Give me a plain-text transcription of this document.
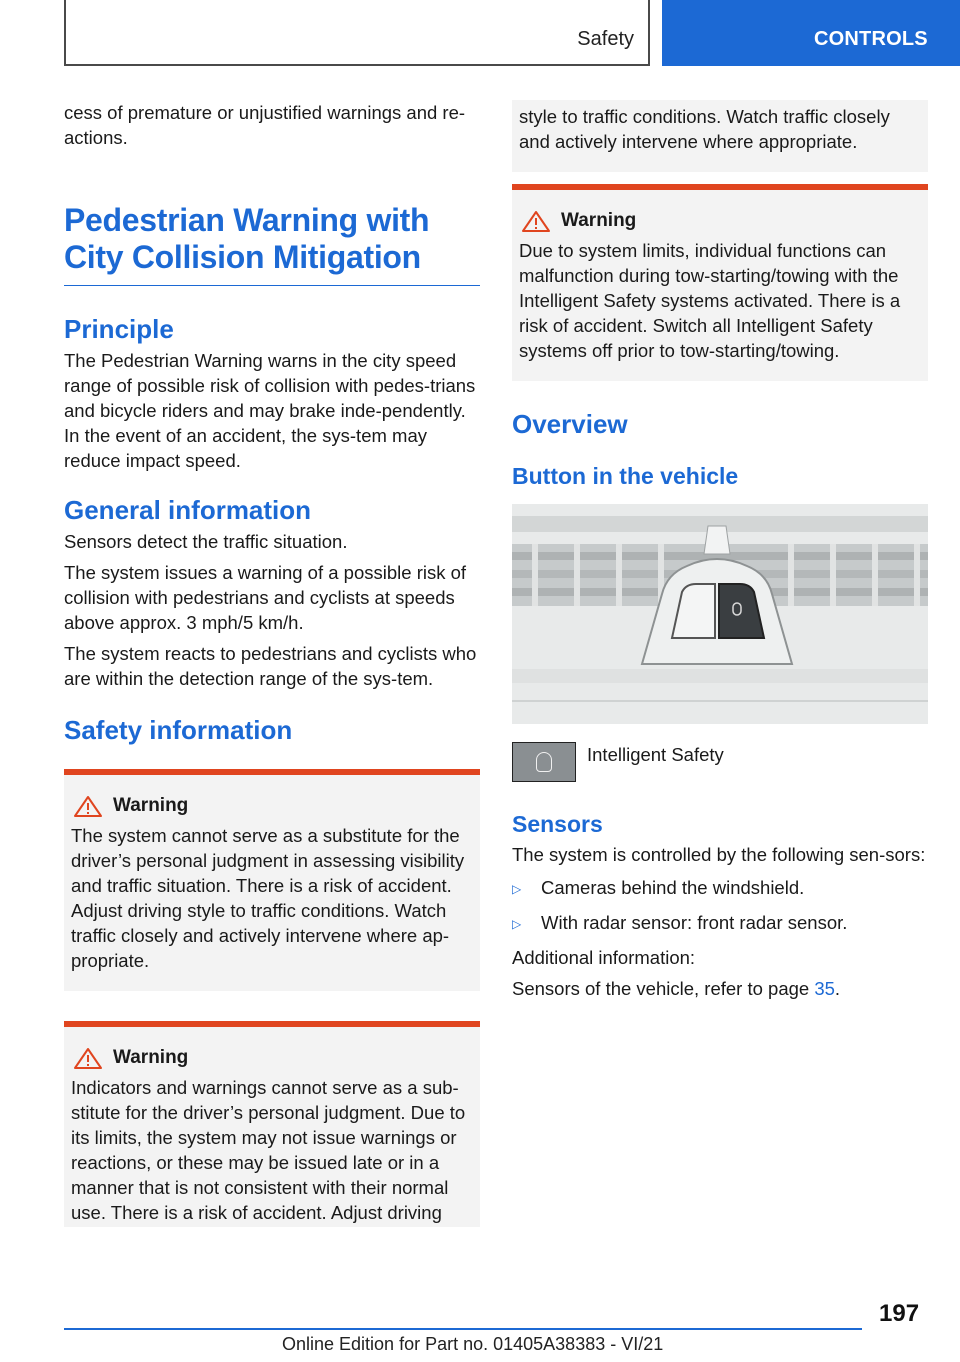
Safety	CONTROLS

cess of premature or unjustified warnings and re-actions.

Pedestrian Warning with City Collision Mitigation
Principle

The Pedestrian Warning warns in the city speed range of possible risk of collision with pedes-trians and bicycle riders and may brake inde-pendently. In the event of an accident, the sys-tem may reduce impact speed.

General information

Sensors detect the traffic situation.

The system issues a warning of a possible risk of collision with pedestrians and cyclists at speeds above approx. 3 mph/5 km/h.

The system reacts to pedestrians and cyclists who are within the detection range of the sys-tem.

Safety information
Warning

The system cannot serve as a substitute for the driver’s personal judgment in assessing visibility and traffic situation. There is a risk of accident. Adjust driving style to traffic conditions. Watch traffic closely and actively intervene where ap-propriate.

Warning

Indicators and warnings cannot serve as a sub-stitute for the driver’s personal judgment. Due to its limits, the system may not issue warnings or reactions, or these may be issued late or in a manner that is not consistent with their normal use. There is a risk of accident. Adjust driving

style to traffic conditions. Watch traffic closely and actively intervene where appropriate.

Warning

Due to system limits, individual functions can malfunction during tow-starting/towing with the Intelligent Safety systems activated. There is a risk of accident. Switch all Intelligent Safety systems off prior to tow-starting/towing.

Overview
Button in the vehicle
Intelligent Safety
Sensors

The system is controlled by the following sen-sors:

▷	Cameras behind the windshield.
▷	With radar sensor: front radar sensor.

Additional information:

Sensors of the vehicle, refer to page 35.

197
Online Edition for Part no. 01405A38383 - VI/21
